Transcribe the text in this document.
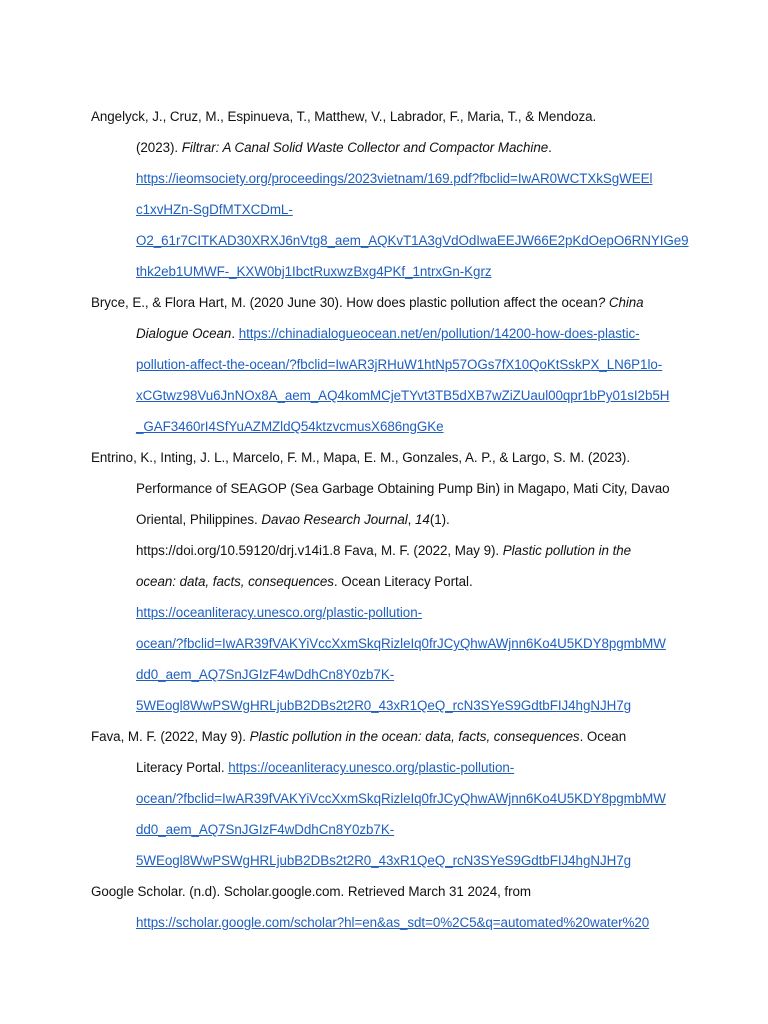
Angelyck, J., Cruz, M., Espinueva, T., Matthew, V., Labrador, F., Maria, T., & Mendoza.
(2023). Filtrar: A Canal Solid Waste Collector and Compactor Machine.
https://ieomsociety.org/proceedings/2023vietnam/169.pdf?fbclid=IwAR0WCTXkSgWEEl
c1xvHZn-SgDfMTXCDmL-
O2_61r7CITKAD30XRXJ6nVtg8_aem_AQKvT1A3gVdOdIwaEEJW66E2pKdOepO6RNYIGe9
thk2eb1UMWF-_KXW0bj1IbctRuxwzBxg4PKf_1ntrxGn-Kgrz
Bryce, E., & Flora Hart, M. (2020 June 30). How does plastic pollution affect the ocean? China
Dialogue Ocean. https://chinadialogueocean.net/en/pollution/14200-how-does-plastic-
pollution-affect-the-ocean/?fbclid=IwAR3jRHuW1htNp57OGs7fX10QoKtSskPX_LN6P1lo-
xCGtwz98Vu6JnNOx8A_aem_AQ4komMCjeTYvt3TB5dXB7wZiZUaul00qpr1bPy01sI2b5H
_GAF3460rI4SfYuAZMZldQ54ktzvcmusX686ngGKe
Entrino, K., Inting, J. L., Marcelo, F. M., Mapa, E. M., Gonzales, A. P., & Largo, S. M. (2023).
Performance of SEAGOP (Sea Garbage Obtaining Pump Bin) in Magapo, Mati City, Davao
Oriental, Philippines. Davao Research Journal, 14(1).
https://doi.org/10.59120/drj.v14i1.8 Fava, M. F. (2022, May 9). Plastic pollution in the
ocean: data, facts, consequences. Ocean Literacy Portal.
https://oceanliteracy.unesco.org/plastic-pollution-
ocean/?fbclid=IwAR39fVAKYiVccXxmSkqRizleIq0frJCyQhwAWjnn6Ko4U5KDY8pgmbMW
dd0_aem_AQ7SnJGIzF4wDdhCn8Y0zb7K-
5WEogl8WwPSWgHRLjubB2DBs2t2R0_43xR1QeQ_rcN3SYeS9GdtbFIJ4hgNJH7g
Fava, M. F. (2022, May 9). Plastic pollution in the ocean: data, facts, consequences. Ocean
Literacy Portal. https://oceanliteracy.unesco.org/plastic-pollution-
ocean/?fbclid=IwAR39fVAKYiVccXxmSkqRizleIq0frJCyQhwAWjnn6Ko4U5KDY8pgmbMW
dd0_aem_AQ7SnJGIzF4wDdhCn8Y0zb7K-
5WEogl8WwPSWgHRLjubB2DBs2t2R0_43xR1QeQ_rcN3SYeS9GdtbFIJ4hgNJH7g
Google Scholar. (n.d). Scholar.google.com. Retrieved March 31 2024, from
https://scholar.google.com/scholar?hl=en&as_sdt=0%2C5&q=automated%20water%20
